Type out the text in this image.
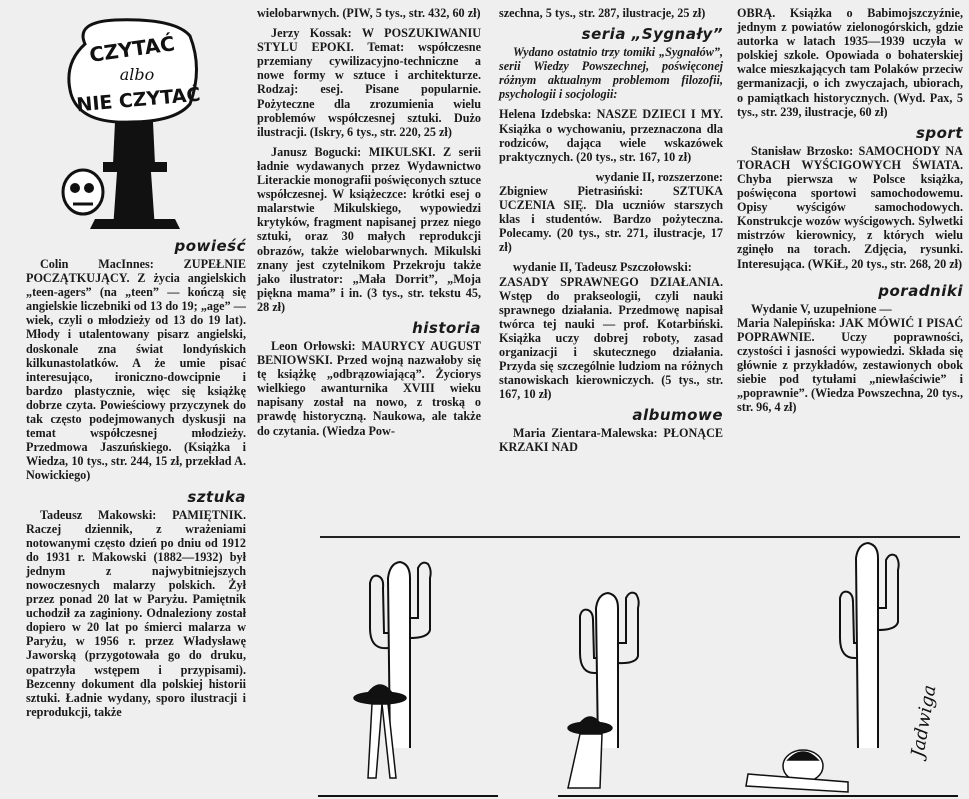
CZYTAĆ
albo
NIE CZYTAĆ
powieść

Colin MacInnes: ZUPEŁNIE POCZĄTKUJĄCY. Z życia angielskich „teen-agers” (na „teen” — kończą się angielskie liczebniki od 13 do 19; „age” — wiek, czyli o młodzieży od 13 do 19 lat). Młody i utalentowany pisarz angielski, doskonale zna świat londyńskich kilkunastolatków. A że umie pisać interesująco, ironiczno-dowcipnie i bardzo plastycznie, więc się książkę dobrze czyta. Powieściowy przyczynek do tak często podejmowanych dyskusji na temat współczesnej młodzieży. Przedmowa Jaszuńskiego. (Książka i Wiedza, 10 tys., str. 244, 15 zł, przekład A. Nowickiego)

sztuka

Tadeusz Makowski: PAMIĘTNIK. Raczej dziennik, z wrażeniami notowanymi często dzień po dniu od 1912 do 1931 r. Makowski (1882—1932) był jednym z najwybitniejszych nowoczesnych malarzy polskich. Żył przez ponad 20 lat w Paryżu. Pamiętnik uchodził za zaginiony. Odnaleziony został dopiero w 20 lat po śmierci malarza w Paryżu, w 1956 r. przez Władysławę Jaworską (przygotowała go do druku, opatrzyła wstępem i przypisami). Bezcenny dokument dla polskiej historii sztuki. Ładnie wydany, sporo ilustracji i reprodukcji, także

wielobarwnych. (PIW, 5 tys., str. 432, 60 zł)

Jerzy Kossak: W POSZUKIWANIU STYLU EPOKI. Temat: współczesne przemiany cywilizacyjno-techniczne a nowe formy w sztuce i architekturze. Rodzaj: esej. Pisane popularnie. Pożyteczne dla zrozumienia wielu problemów współczesnej sztuki. Dużo ilustracji. (Iskry, 6 tys., str. 220, 25 zł)

Janusz Bogucki: MIKULSKI. Z serii ładnie wydawanych przez Wydawnictwo Literackie monografii poświęconych sztuce współczesnej. W książeczce: krótki esej o malarstwie Mikulskiego, wypowiedzi krytyków, fragment napisanej przez niego sztuki, oraz 30 małych reprodukcji obrazów, także wielobarwnych. Mikulski znany jest czytelnikom Przekroju także jako ilustrator: „Mała Dorrit”, „Moja piękna mama” i in. (3 tys., str. tekstu 45, 28 zł)

historia

Leon Orłowski: MAURYCY AUGUST BENIOWSKI. Przed wojną nazwałoby się tę książkę „odbrązowiającą”. Życiorys wielkiego awanturnika XVIII wieku napisany został na nowo, z troską o prawdę historyczną. Naukowa, ale także do czytania. (Wiedza Pow-

szechna, 5 tys., str. 287, ilustracje, 25 zł)

seria „Sygnały”

Wydano ostatnio trzy tomiki „Sygnałów”, serii Wiedzy Powszechnej, poświęconej różnym aktualnym problemom filozofii, psychologii i socjologii:

Helena Izdebska: NASZE DZIECI I MY. Książka o wychowaniu, przeznaczona dla rodziców, dająca wiele wskazówek praktycznych. (20 tys., str. 167, 10 zł)

wydanie II, rozszerzone:

Zbigniew Pietrasiński: SZTUKA UCZENIA SIĘ. Dla uczniów starszych klas i studentów. Bardzo pożyteczna. Polecamy. (20 tys., str. 271, ilustracje, 17 zł)

wydanie II, Tadeusz Pszczołowski:

ZASADY SPRAWNEGO DZIAŁANIA. Wstęp do prakseologii, czyli nauki sprawnego działania. Przedmowę napisał twórca tej nauki — prof. Kotarbiński. Książka uczy dobrej roboty, zasad organizacji i skutecznego działania. Przyda się szczególnie ludziom na różnych stanowiskach kierowniczych. (5 tys., str. 167, 10 zł)

albumowe

Maria Zientara-Malewska: PŁONĄCE KRZAKI NAD

OBRĄ. Książka o Babimojszczyźnie, jednym z powiatów zielonogórskich, gdzie autorka w latach 1935—1939 uczyła w polskiej szkole. Opowiada o bohaterskiej walce mieszkających tam Polaków przeciw germanizacji, o ich zwyczajach, ubiorach, o pamiątkach historycznych. (Wyd. Pax, 5 tys., str. 239, ilustracje, 60 zł)

sport

Stanisław Brzosko: SAMOCHODY NA TORACH WYŚCIGOWYCH ŚWIATA. Chyba pierwsza w Polsce książka, poświęcona sportowi samochodowemu. Opisy wyścigów samochodowych. Konstrukcje wozów wyścigowych. Sylwetki mistrzów kierownicy, z których wielu zginęło na torach. Zdjęcia, rysunki. Interesująca. (WKiŁ, 20 tys., str. 268, 20 zł)

poradniki

Wydanie V, uzupełnione —

Maria Nalepińska: JAK MÓWIĆ I PISAĆ POPRAWNIE. Uczy poprawności, czystości i jasności wypowiedzi. Składa się głównie z przykładów, zestawionych obok siebie pod tytułami „niewłaściwie” i „poprawnie”. (Wiedza Powszechna, 20 tys., str. 96, 4 zł)

Jadwiga
